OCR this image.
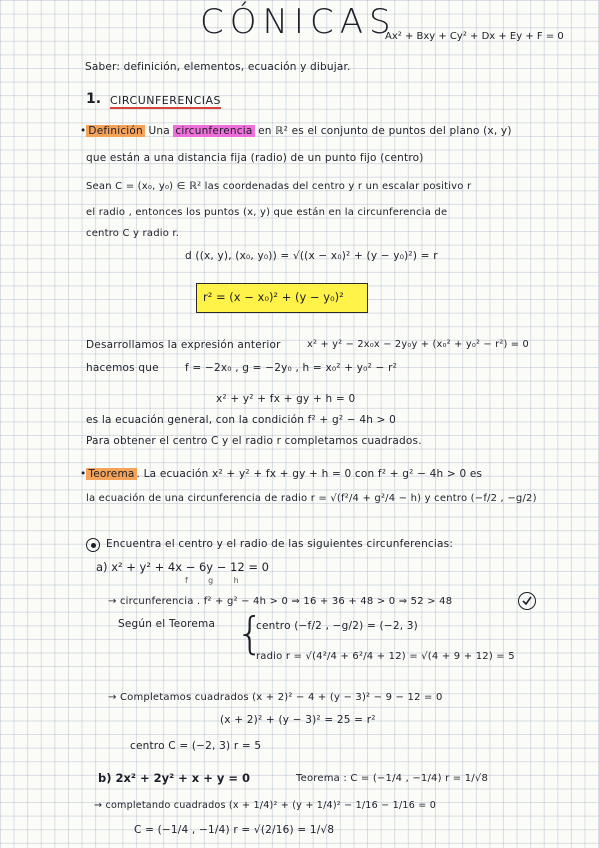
CÓNICAS
Ax² + Bxy + Cy² + Dx + Ey + F = 0
Saber: definición, elementos, ecuación y dibujar.
1. CIRCUNFERENCIAS
• Definición Una circunferencia en ℝ² es el conjunto de puntos del plano (x, y)
que están a una distancia fija (radio) de un punto fijo (centro)
Sean C = (x₀, y₀) ∈ ℝ² las coordenadas del centro y r un escalar positivo r
el radio , entonces los puntos (x, y) que están en la circunferencia de
centro C y radio r.
d ((x, y), (x₀, y₀)) = √((x − x₀)² + (y − y₀)²) = r
r² = (x − x₀)² + (y − y₀)²
Desarrollamos la expresión anterior	x² + y² − 2x₀x − 2y₀y + (x₀² + y₀² − r²) = 0
hacemos que f = −2x₀ , g = −2y₀ , h = x₀² + y₀² − r²
x² + y² + fx + gy + h = 0
es la ecuación general, con la condición f² + g² − 4h > 0
Para obtener el centro C y el radio r completamos cuadrados.
• Teorema . La ecuación x² + y² + fx + gy + h = 0 con f² + g² − 4h > 0 es
la ecuación de una circunferencia de radio r = √(f²/4 + g²/4 − h) y centro (−f/2 , −g/2)
Encuentra el centro y el radio de las siguientes circunferencias:
a) x² + y² + 4x − 6y − 12 = 0
f        g        h
→ circunferencia . f² + g² − 4h > 0 ⇒ 16 + 36 + 48 > 0 ⇒ 52 > 48
Según el Teorema {
centro (−f/2 , −g/2) = (−2, 3)
radio r = √(4²/4 + 6²/4 + 12) = √(4 + 9 + 12) = 5
→ Completamos cuadrados (x + 2)² − 4 + (y − 3)² − 9 − 12 = 0
(x + 2)² + (y − 3)² = 25 = r²
centro C = (−2, 3) r = 5
b) 2x² + 2y² + x + y = 0	Teorema : C = (−1/4 , −1/4) r = 1/√8
→ completando cuadrados (x + 1/4)² + (y + 1/4)² − 1/16 − 1/16 = 0
C = (−1/4 , −1/4) r = √(2/16) = 1/√8
